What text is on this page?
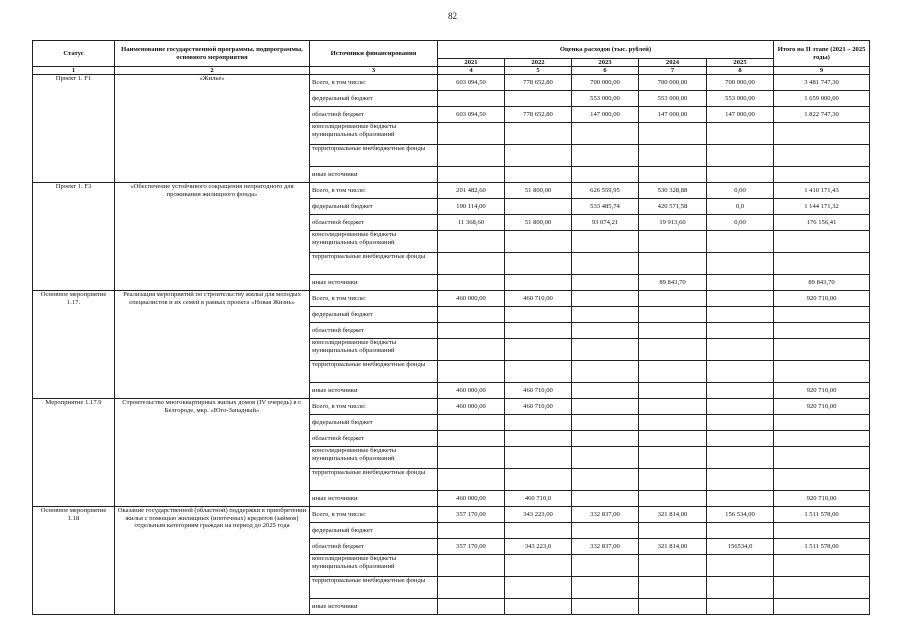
82
Статус	Наименование государственной программы, подпрограммы, основного мероприятия	Источники финансирования	Оценка расходов (тыс. рублей)					Итого на II этапе (2021 – 2025 годы)
			2021	2022	2023	2024	2025	
1	2	3	4	5	6	7	8	9
Проект 1. F1	«Жилье»	Всего, в том числе:	603 094,50	778 652,80	700 000,00	700 000,00	700 000,00	3 481 747,30
		федеральный бюджет			553 000,00	553 000,00	553 000,00	1 659 000,00
		областной бюджет	603 094,50	778 652,80	147 000,00	147 000,00	147 000,00	1 822 747,30
		консолидированные бюджеты муниципальных образований						
		территориальные внебюджетные фонды						
		иные источники						
Проект 1. F3	«Обеспечение устойчивого сокращения непригодного для проживания жилищного фонда»	Всего, в том числе:	201 482,60	51 800,00	626 559,95	530 328,88	0,00	1 410 171,43
		федеральный бюджет	190 114,00		533 485,74	420 571,58	0,0	1 144 171,32
		областной бюджет	11 368,60	51 800,00	93 074,21	19 913,60	0,00	176 156,41
		консолидированные бюджеты муниципальных образований						
		территориальные внебюджетные фонды						
		иные источники				89 843,70		89 843,70
Основное мероприятие 1.17.	Реализация мероприятий по строительству жилья для молодых специалистов и их семей в рамках проекта «Новая Жизнь»	Всего, в том числе:	460 000,00	460 710,00				920 710,00
		федеральный бюджет						
		областной бюджет						
		консолидированные бюджеты муниципальных образований						
		территориальные внебюджетные фонды						
		иные источники	460 000,00	460 710,00				920 710,00
Мероприятие 1.17.9	Строительство многоквартирных жилых домов (IV очередь) в г. Белгороде, мкр. «Юго-Западный»	Всего, в том числе:	460 000,00	460 710,00				920 710,00
		федеральный бюджет						
		областной бюджет						
		консолидированные бюджеты муниципальных образований						
		территориальные внебюджетные фонды						
		иные источники	460 000,00	460 710,0				920 710,00
Основное мероприятие 1.18	Оказание государственной (областной) поддержки в приобретении жилья с помощью жилищных (ипотечных) кредитов (займов) отдельным категориям граждан на период до 2025 года	Всего, в том числе:	357 170,00	343 223,00	332 837,00	321 814,00	156 534,00	1 511 578,00
		федеральный бюджет						
		областной бюджет	357 170,00	343 223,0	332 837,00	321 814,00	156534,0	1 511 578,00
		консолидированные бюджеты муниципальных образований						
		территориальные внебюджетные фонды						
		иные источники						
